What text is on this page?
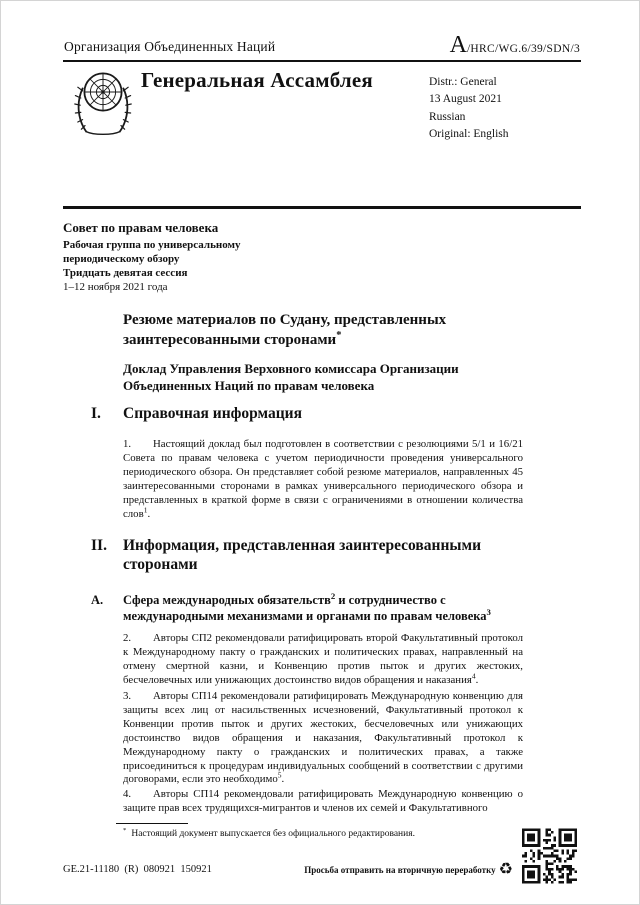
Организация Объединенных Наций	A/HRC/WG.6/39/SDN/3
Генеральная Ассамблея	Distr.: General
13 August 2021
Russian
Original: English
Совет по правам человека
Рабочая группа по универсальному
периодическому обзору
Тридцать девятая сессия
1–12 ноября 2021 года
Резюме материалов по Судану, представленных заинтересованными сторонами*
Доклад Управления Верховного комиссара Организации Объединенных Наций по правам человека
I.	Справочная информация
1. Настоящий доклад был подготовлен в соответствии с резолюциями 5/1 и 16/21 Совета по правам человека с учетом периодичности проведения универсального периодического обзора. Он представляет собой резюме материалов, направленных 45 заинтересованными сторонами в рамках универсального периодического обзора и представленных в краткой форме в связи с ограничениями в отношении количества слов$^1$.
II.	Информация, представленная заинтересованными сторонами
A.	Сфера международных обязательств$^2$ и сотрудничество с международными механизмами и органами по правам человека$^3$
2. Авторы СП2 рекомендовали ратифицировать второй Факультативный протокол к Международному пакту о гражданских и политических правах, направленный на отмену смертной казни, и Конвенцию против пыток и других жестоких, бесчеловечных или унижающих достоинство видов обращения и наказания$^4$.
3. Авторы СП14 рекомендовали ратифицировать Международную конвенцию для защиты всех лиц от насильственных исчезновений, Факультативный протокол к Конвенции против пыток и других жестоких, бесчеловечных или унижающих достоинство видов обращения и наказания, Факультативный протокол к Международному пакту о гражданских и политических правах, а также присоединиться к процедурам индивидуальных сообщений в соответствии с другими договорами, если это необходимо$^5$.
4. Авторы СП14 рекомендовали ратифицировать Международную конвенцию о защите прав всех трудящихся-мигрантов и членов их семей и Факультативного
* Настоящий документ выпускается без официального редактирования.
GE.21-11180  (R)  080921  150921	Просьба отправить на вторичную переработку ♻
